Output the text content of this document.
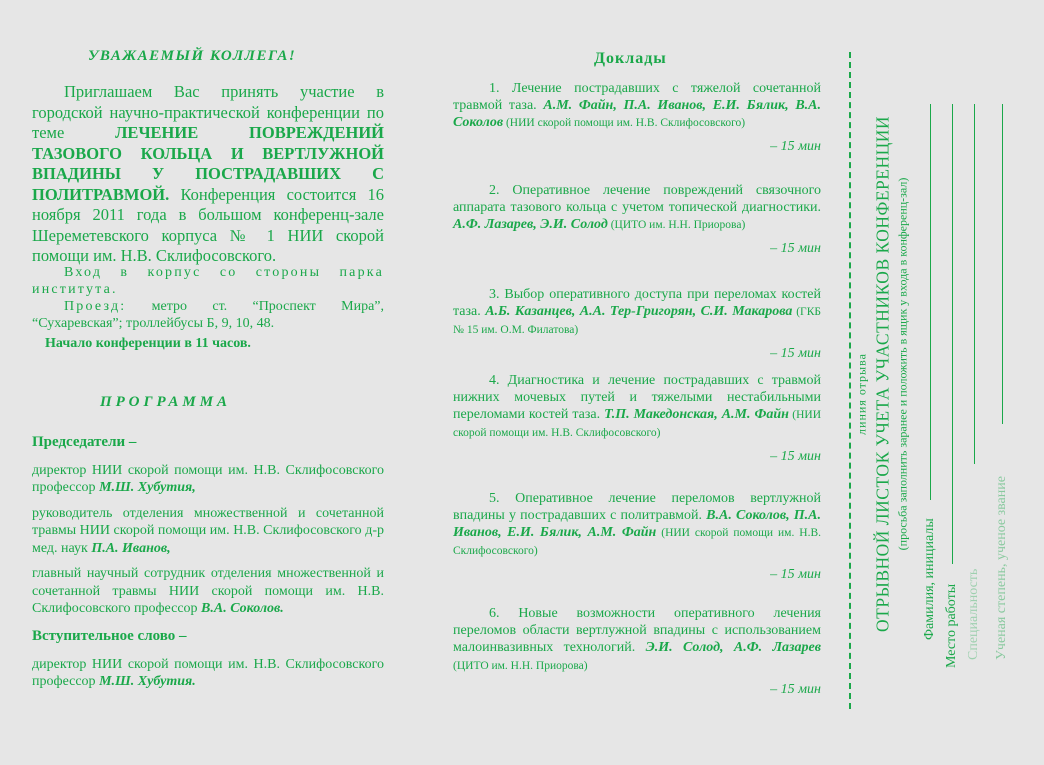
УВАЖАЕМЫЙ КОЛЛЕГА!

Приглашаем Вас принять участие в городской научно-практической конференции по теме ЛЕЧЕНИЕ ПОВРЕЖДЕНИЙ ТАЗОВОГО КОЛЬЦА И ВЕРТЛУЖНОЙ ВПАДИНЫ У ПОСТРАДАВШИХ С ПОЛИТРАВМОЙ. Конференция состоится 16 ноября 2011 года в большом конференц-зале Шереметевского корпуса № 1 НИИ скорой помощи им. Н.В. Склифосовского.

Вход в корпус со стороны парка института.
Проезд: метро ст. “Проспект Мира”, “Сухаревская”; троллейбусы Б, 9, 10, 48.
Начало конференции в 11 часов.
ПРОГРАММА
Председатели –
директор НИИ скорой помощи им. Н.В. Склифосовского профессор М.Ш. Хубутия,
руководитель отделения множественной и сочетанной травмы НИИ скорой помощи им. Н.В. Склифосовского д-р мед. наук П.А. Иванов,
главный научный сотрудник отделения множественной и сочетанной травмы НИИ скорой помощи им. Н.В. Склифосовского профессор В.А. Соколов.
Вступительное слово –
директор НИИ скорой помощи им. Н.В. Склифосовского профессор М.Ш. Хубутия.
Доклады
1. Лечение пострадавших с тяжелой сочетанной травмой таза. А.М. Файн, П.А. Иванов, Е.И. Бялик, В.А. Соколов (НИИ скорой помощи им. Н.В. Склифосовского)
– 15 мин
2. Оперативное лечение повреждений связочного аппарата тазового кольца с учетом топической диагностики. А.Ф. Лазарев, Э.И. Солод (ЦИТО им. Н.Н. Приорова)
– 15 мин
3. Выбор оперативного доступа при переломах костей таза. А.Б. Казанцев, А.А. Тер-Григорян, С.И. Макарова (ГКБ № 15 им. О.М. Филатова)
– 15 мин
4. Диагностика и лечение пострадавших с травмой нижних мочевых путей и тяжелыми нестабильными переломами костей таза. Т.П. Македонская, А.М. Файн (НИИ скорой помощи им. Н.В. Склифосовского)
– 15 мин
5. Оперативное лечение переломов вертлужной впадины у пострадавших с политравмой. В.А. Соколов, П.А. Иванов, Е.И. Бялик, А.М. Файн (НИИ скорой помощи им. Н.В. Склифосовского)
– 15 мин
6. Новые возможности оперативного лечения переломов области вертлужной впадины с использованием малоинвазивных технологий. Э.И. Солод, А.Ф. Лазарев (ЦИТО им. Н.Н. Приорова)
– 15 мин
линия отрыва ОТРЫВНОЙ ЛИСТОК УЧЕТА УЧАСТНИКОВ КОНФЕРЕНЦИИ (просьба заполнить заранее и положить в ящик у входа в конференц-зал)
Фамилия, инициалы Место работы Специальность Ученая степень, ученое звание
